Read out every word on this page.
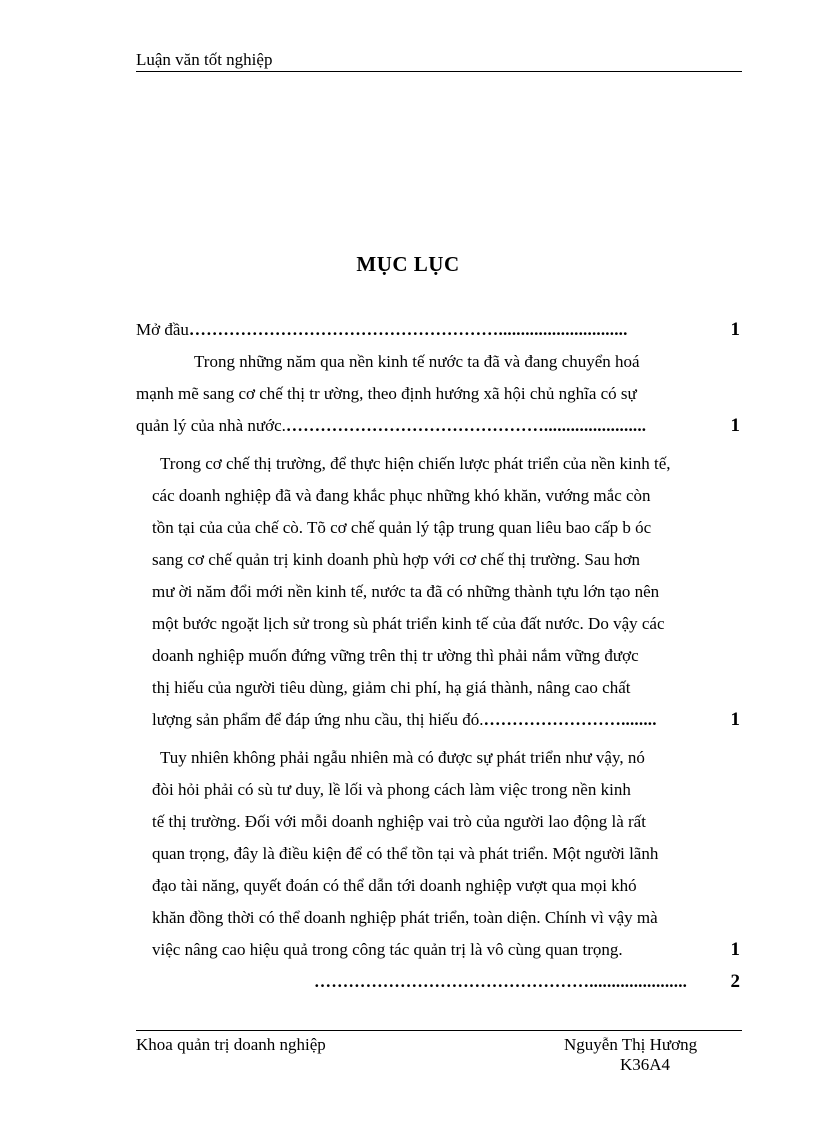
Luận văn tốt nghiệp
MỤC LỤC
Mở đầu ……………………………………………….............................	1
Trong những năm qua nền kinh tế nước ta đã và đang chuyển hoá
mạnh mẽ sang cơ chế thị tr ường, theo định hướng xã hội chủ nghĩa có sự
quản lý của nhà nước. ……………………………………….......................	1
Trong cơ chế thị trường, để thực hiện chiến lược phát triển của nền kinh tế,
các doanh nghiệp đã và đang khắc phục những khó khăn, vướng mắc còn
tồn tại của của chế cò. Tõ cơ chế quản lý tập trung quan liêu bao cấp b óc
sang cơ chế quản trị kinh doanh phù hợp với cơ chế thị trường. Sau hơn
mư ời năm đổi mới nền kinh tế, nước ta đã có những thành tựu lớn tạo nên
một bước ngoặt lịch sử trong sù phát triển kinh tế của đất nước. Do vậy các
doanh nghiệp muốn đứng vững trên thị tr ường thì phải nắm vững được
thị hiếu của người tiêu dùng, giảm chi phí, hạ giá thành, nâng cao chất
lượng sản phẩm để đáp ứng nhu cầu, thị hiếu đó. ……………………........	1
Tuy nhiên không phải ngẫu nhiên mà có được sự phát triển như vậy, nó
đòi hỏi phải có sù tư duy, lề lối và phong cách làm việc trong nền kinh
tế thị trường. Đối với mỗi doanh nghiệp vai trò của người lao động là rất
quan trọng, đây là điều kiện để có thể tồn tại và phát triển. Một người lãnh
đạo tài năng, quyết đoán có thể dẫn tới doanh nghiệp vượt qua mọi khó
khăn đồng thời có thể doanh nghiệp phát triển, toàn diện. Chính vì vậy mà
việc nâng cao hiệu quả trong công tác quản trị là vô cùng quan trọng.	1
…………………………………………......................	2
Khoa quản trị doanh nghiệp	Nguyễn Thị Hương
K36A4
